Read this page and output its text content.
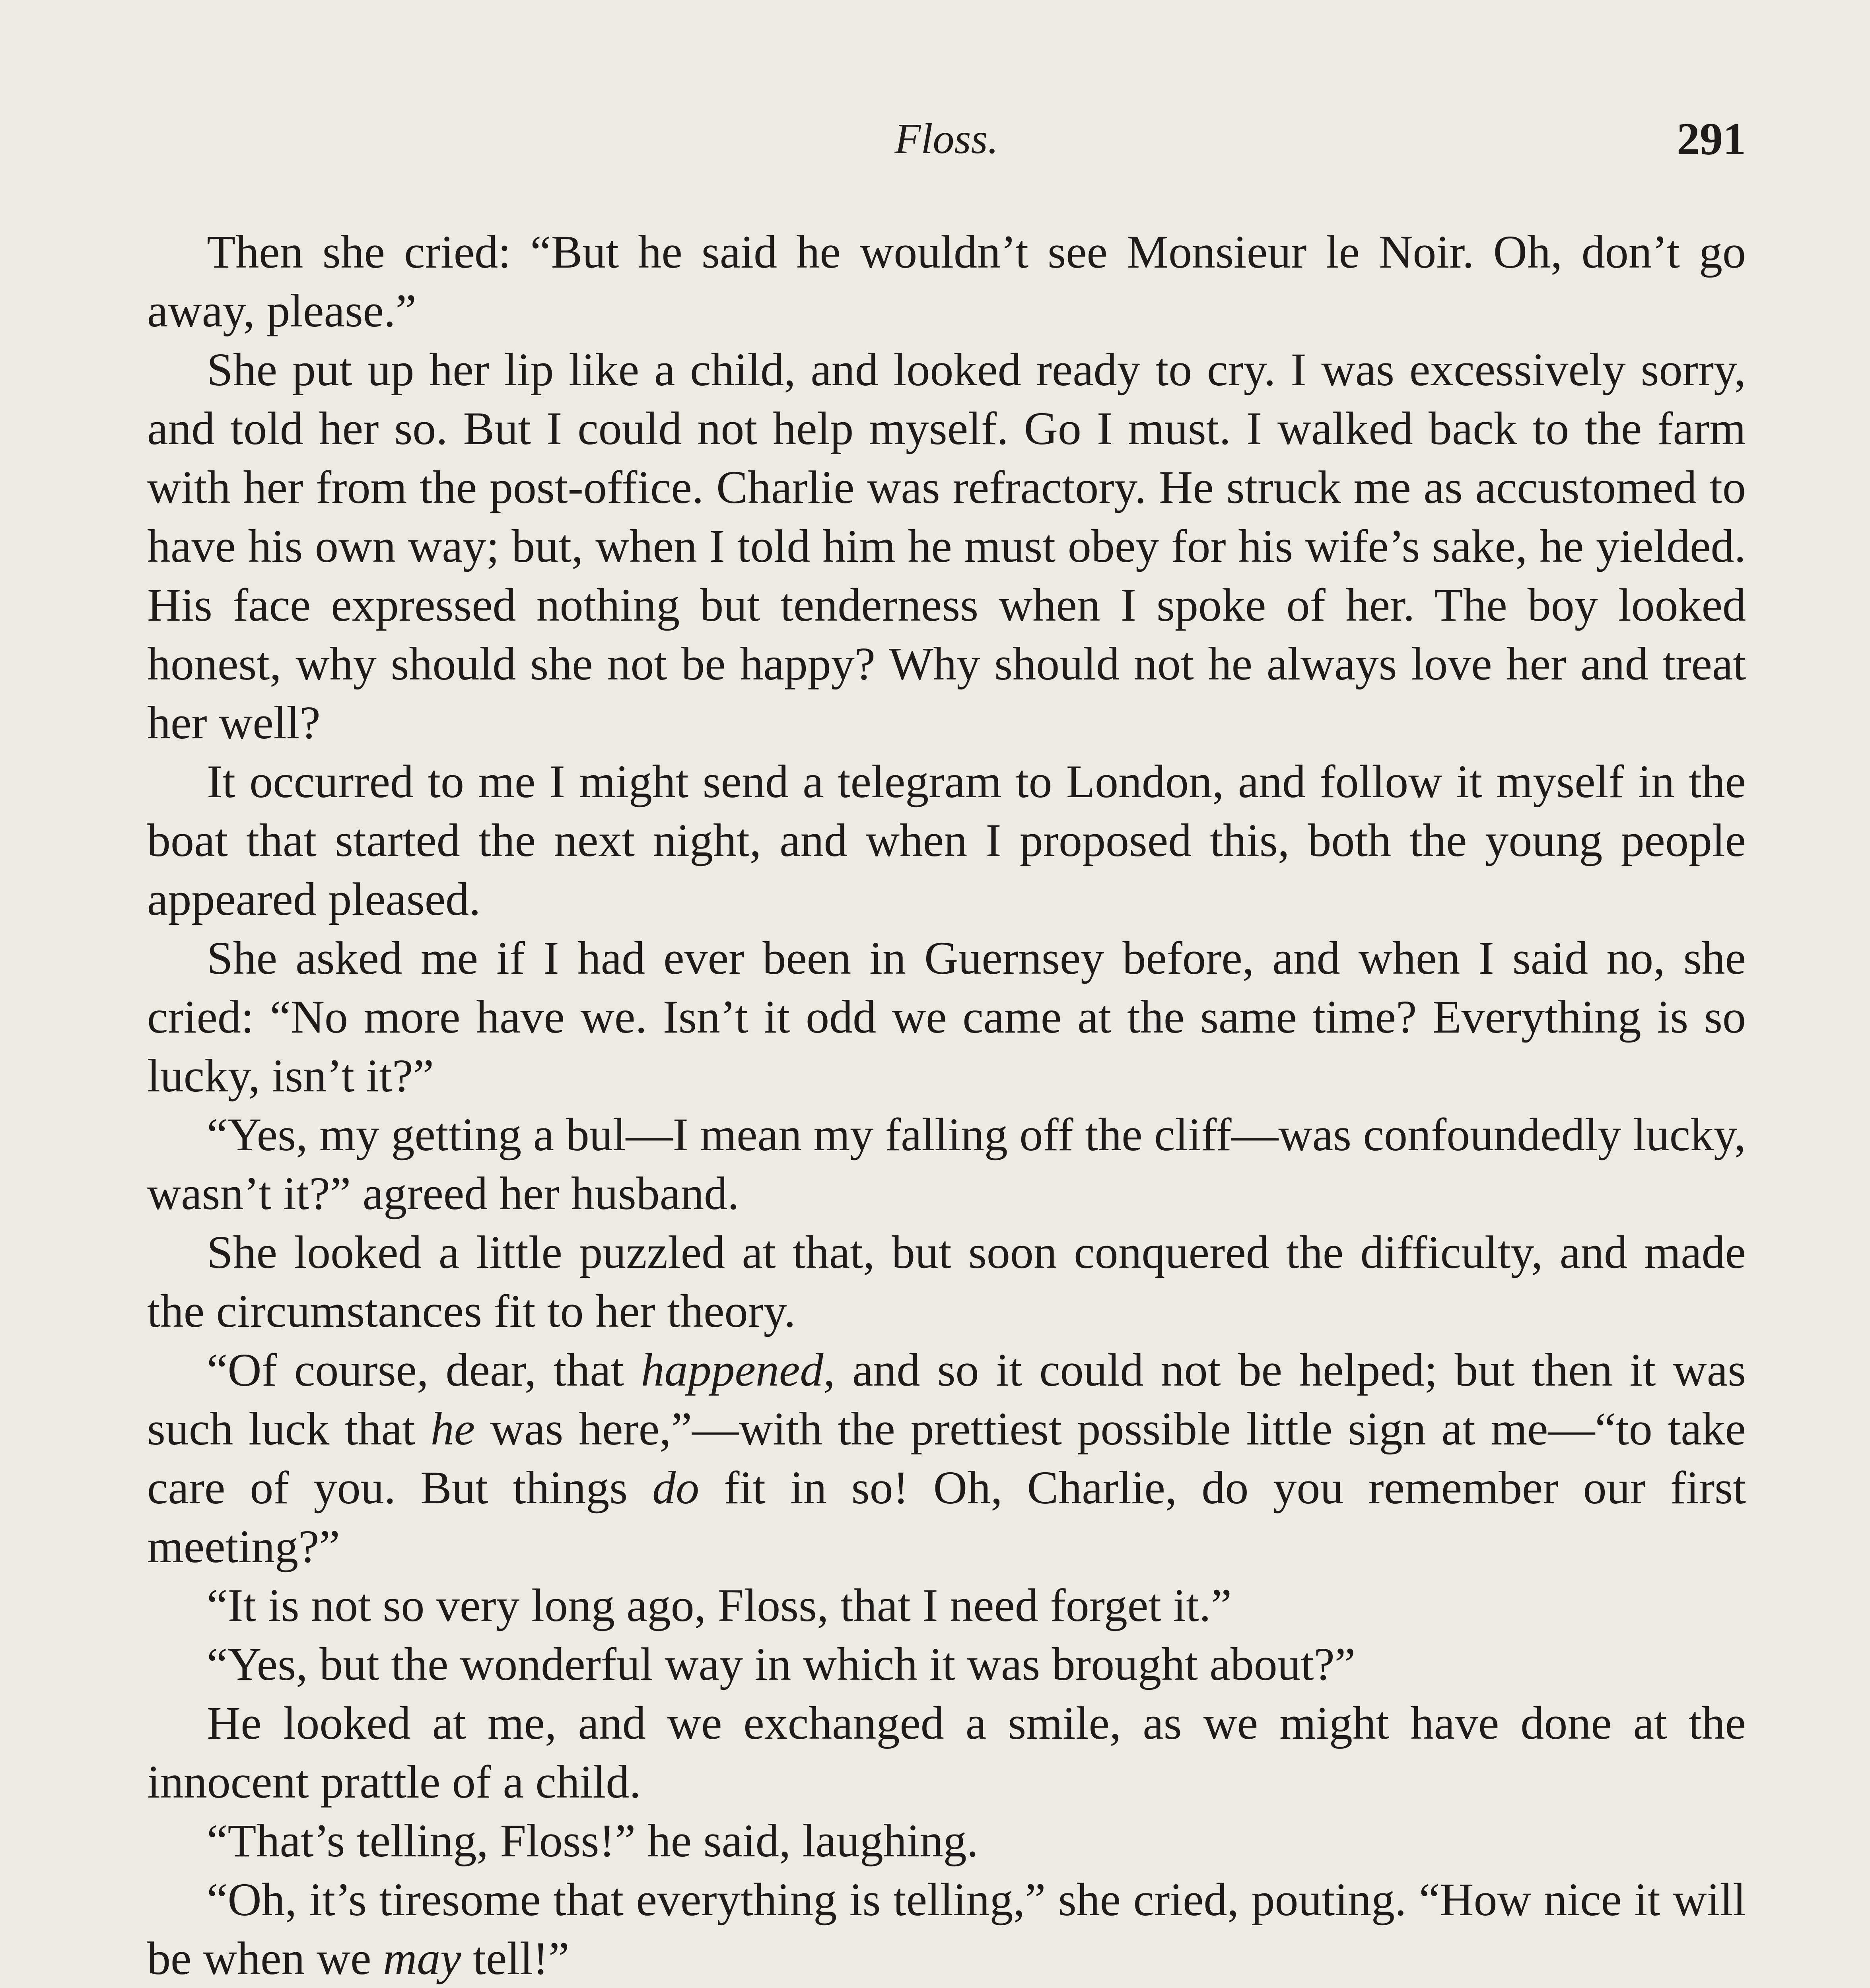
Floss.	291

Then she cried: “But he said he wouldn’t see Monsieur le Noir. Oh, don’t go away, please.”

She put up her lip like a child, and looked ready to cry. I was excessively sorry, and told her so. But I could not help myself. Go I must. I walked back to the farm with her from the post-office. Charlie was refractory. He struck me as accustomed to have his own way; but, when I told him he must obey for his wife’s sake, he yielded. His face expressed nothing but tenderness when I spoke of her. The boy looked honest, why should she not be happy? Why should not he always love her and treat her well?

It occurred to me I might send a telegram to London, and follow it myself in the boat that started the next night, and when I proposed this, both the young people appeared pleased.

She asked me if I had ever been in Guernsey before, and when I said no, she cried: “No more have we. Isn’t it odd we came at the same time? Everything is so lucky, isn’t it?”

“Yes, my getting a bul—I mean my falling off the cliff—was confoundedly lucky, wasn’t it?” agreed her husband.

She looked a little puzzled at that, but soon conquered the difficulty, and made the circumstances fit to her theory.

“Of course, dear, that happened, and so it could not be helped; but then it was such luck that he was here,”—with the prettiest possible little sign at me—“to take care of you. But things do fit in so! Oh, Charlie, do you remember our first meeting?”

“It is not so very long ago, Floss, that I need forget it.”

“Yes, but the wonderful way in which it was brought about?”

He looked at me, and we exchanged a smile, as we might have done at the innocent prattle of a child.

“That’s telling, Floss!” he said, laughing.

“Oh, it’s tiresome that everything is telling,” she cried, pouting. “How nice it will be when we may tell!”
